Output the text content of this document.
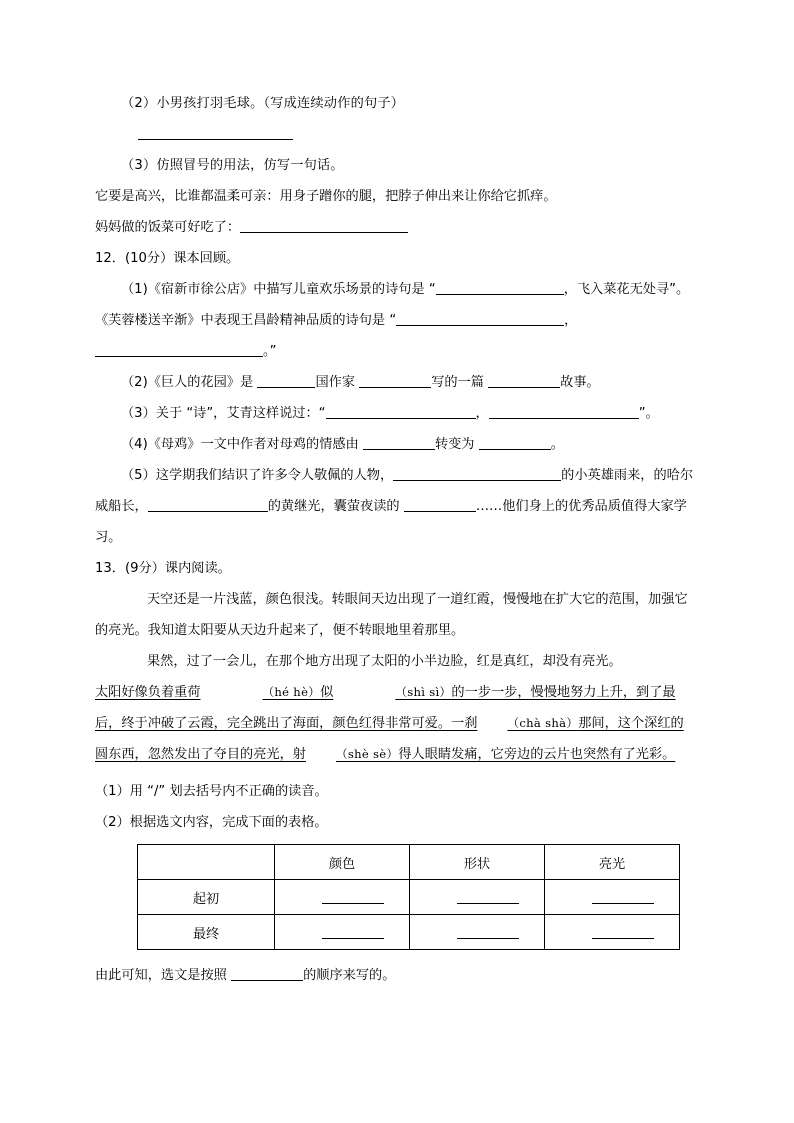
（2）小男孩打羽毛球。（写成连续动作的句子）
（3）仿照冒号的用法，仿写一句话。
它要是高兴，比谁都温柔可亲：用身子蹭你的腿，把脖子伸出来让你给它抓痒。
妈妈做的饭菜可好吃了：
12．(10分）课本回顾。
（1)《宿新市徐公店》中描写儿童欢乐场景的诗句是 “	，飞入菜花无处寻”。《芙蓉楼送辛渐》中表现王昌龄精神品质的诗句是 “	，。”
（2)《巨人的花园》是	国作家	写的一篇	故事。
（3）关于 “诗”，艾青这样说过：“	，	”。
（4)《母鸡》一文中作者对母鸡的情感由	转变为	。
（5）这学期我们结识了许多令人敬佩的人物，	的小英雄雨来，的哈尔威船长，	的黄继光，囊萤夜读的	……他们身上的优秀品质值得大家学习。
13．(9分）课内阅读。
天空还是一片浅蓝，颜色很浅。转眼间天边出现了一道红霞，慢慢地在扩大它的范围，加强它的亮光。我知道太阳要从天边升起来了，便不转眼地里着那里。
果然，过了一会儿，在那个地方出现了太阳的小半边脸，红是真红，却没有亮光。
太阳好像负着重荷	（hé hè）似	（shì sì）的一步一步，慢慢地努力上升，到了最后，终于冲破了云霞，完全跳出了海面，颜色红得非常可爱。一刹	（chà shà）那间，这个深红的圆东西，忽然发出了夺目的亮光，射	（shè sè）得人眼睛发痛，它旁边的云片也突然有了光彩。
（1）用 “/” 划去括号内不正确的读音。
（2）根据选文内容，完成下面的表格。
	颜色	形状	亮光
起初			
最终			
由此可知，选文是按照	的顺序来写的。
